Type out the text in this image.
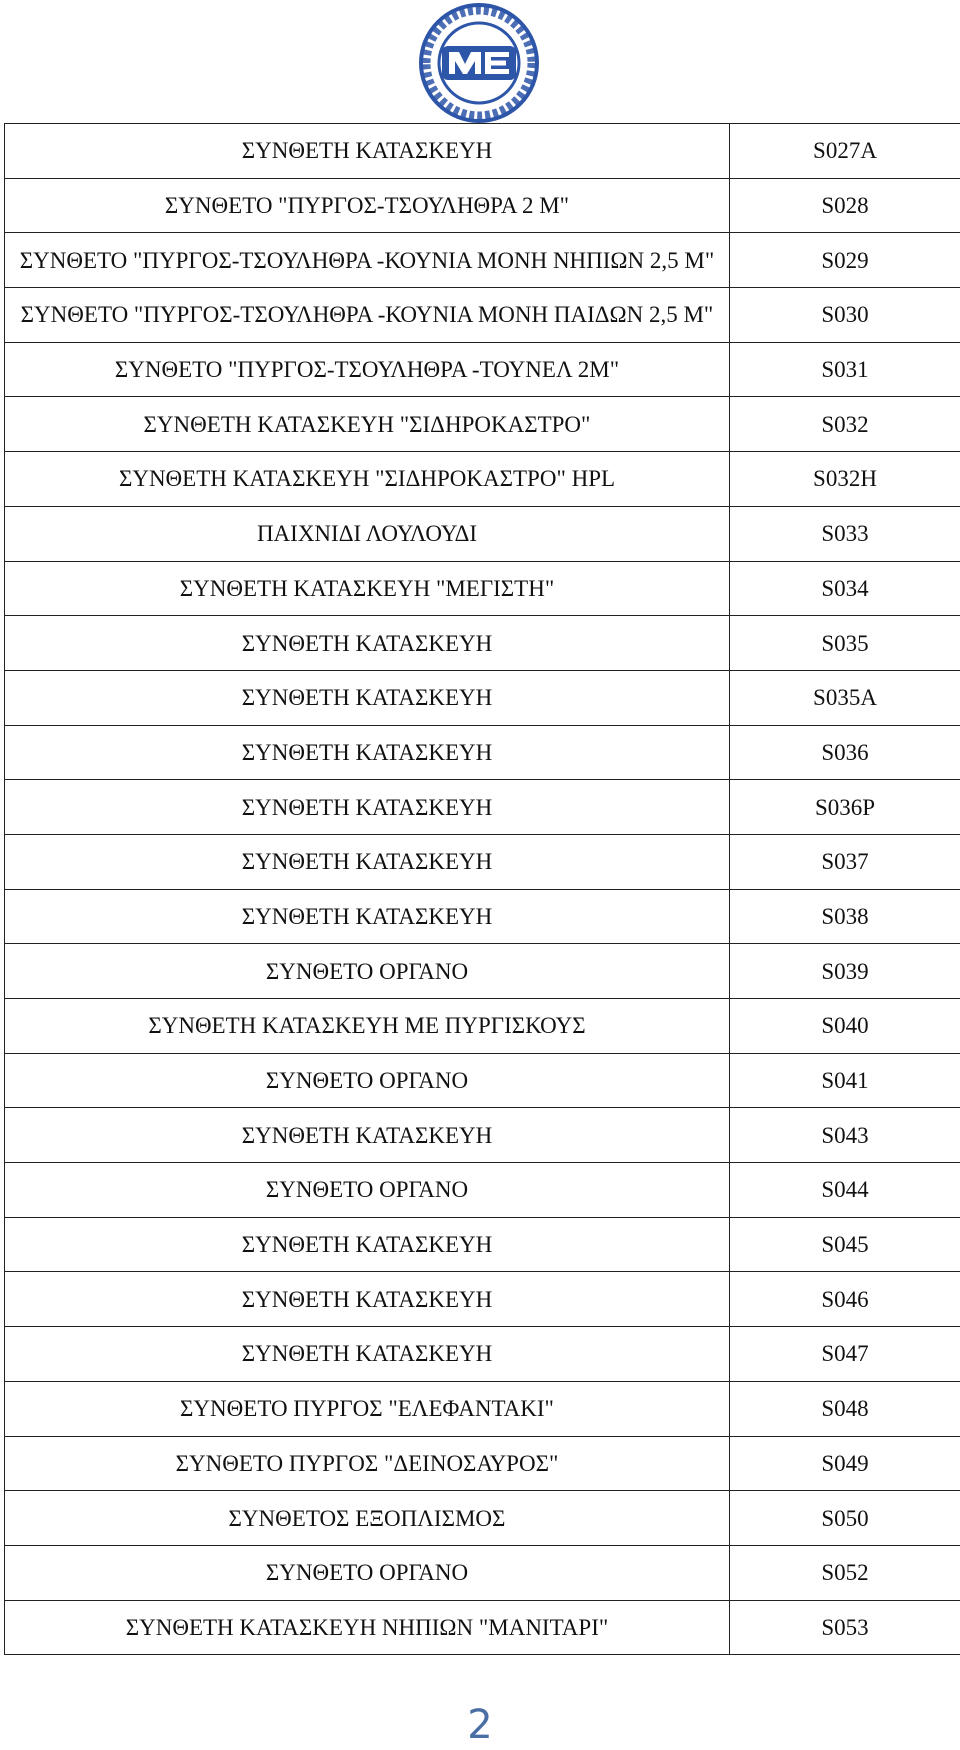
ΣΥΝΘΕΤΗ ΚΑΤΑΣΚΕΥΗ	S027A
ΣΥΝΘΕΤΟ "ΠΥΡΓΟΣ-ΤΣΟΥΛΗΘΡΑ 2 Μ"	S028
ΣΥΝΘΕΤΟ "ΠΥΡΓΟΣ-ΤΣΟΥΛΗΘΡΑ -ΚΟΥΝΙΑ ΜΟΝΗ ΝΗΠΙΩΝ 2,5 Μ"	S029
ΣΥΝΘΕΤΟ "ΠΥΡΓΟΣ-ΤΣΟΥΛΗΘΡΑ -ΚΟΥΝΙΑ ΜΟΝΗ ΠΑΙΔΩΝ 2,5 Μ"	S030
ΣΥΝΘΕΤΟ "ΠΥΡΓΟΣ-ΤΣΟΥΛΗΘΡΑ -ΤΟΥΝΕΛ 2Μ"	S031
ΣΥΝΘΕΤΗ ΚΑΤΑΣΚΕΥΗ "ΣΙΔΗΡΟΚΑΣΤΡΟ"	S032
ΣΥΝΘΕΤΗ ΚΑΤΑΣΚΕΥΗ "ΣΙΔΗΡΟΚΑΣΤΡΟ" HPL	S032H
ΠΑΙΧΝΙΔΙ ΛΟΥΛΟΥΔΙ	S033
ΣΥΝΘΕΤΗ ΚΑΤΑΣΚΕΥΗ "ΜΕΓΙΣΤΗ"	S034
ΣΥΝΘΕΤΗ ΚΑΤΑΣΚΕΥΗ	S035
ΣΥΝΘΕΤΗ ΚΑΤΑΣΚΕΥΗ	S035A
ΣΥΝΘΕΤΗ ΚΑΤΑΣΚΕΥΗ	S036
ΣΥΝΘΕΤΗ ΚΑΤΑΣΚΕΥΗ	S036P
ΣΥΝΘΕΤΗ ΚΑΤΑΣΚΕΥΗ	S037
ΣΥΝΘΕΤΗ ΚΑΤΑΣΚΕΥΗ	S038
ΣΥΝΘΕΤΟ ΟΡΓΑΝΟ	S039
ΣΥΝΘΕΤΗ ΚΑΤΑΣΚΕΥΗ ΜΕ ΠΥΡΓΙΣΚΟΥΣ	S040
ΣΥΝΘΕΤΟ ΟΡΓΑΝΟ	S041
ΣΥΝΘΕΤΗ ΚΑΤΑΣΚΕΥΗ	S043
ΣΥΝΘΕΤΟ ΟΡΓΑΝΟ	S044
ΣΥΝΘΕΤΗ ΚΑΤΑΣΚΕΥΗ	S045
ΣΥΝΘΕΤΗ ΚΑΤΑΣΚΕΥΗ	S046
ΣΥΝΘΕΤΗ ΚΑΤΑΣΚΕΥΗ	S047
ΣΥΝΘΕΤΟ ΠΥΡΓΟΣ "ΕΛΕΦΑΝΤΑΚΙ"	S048
ΣΥΝΘΕΤΟ ΠΥΡΓΟΣ "ΔΕΙΝΟΣΑΥΡΟΣ"	S049
ΣΥΝΘΕΤΟΣ ΕΞΟΠΛΙΣΜΟΣ	S050
ΣΥΝΘΕΤΟ ΟΡΓΑΝΟ	S052
ΣΥΝΘΕΤΗ ΚΑΤΑΣΚΕΥΗ ΝΗΠΙΩΝ "ΜΑΝΙΤΑΡΙ"	S053
2
